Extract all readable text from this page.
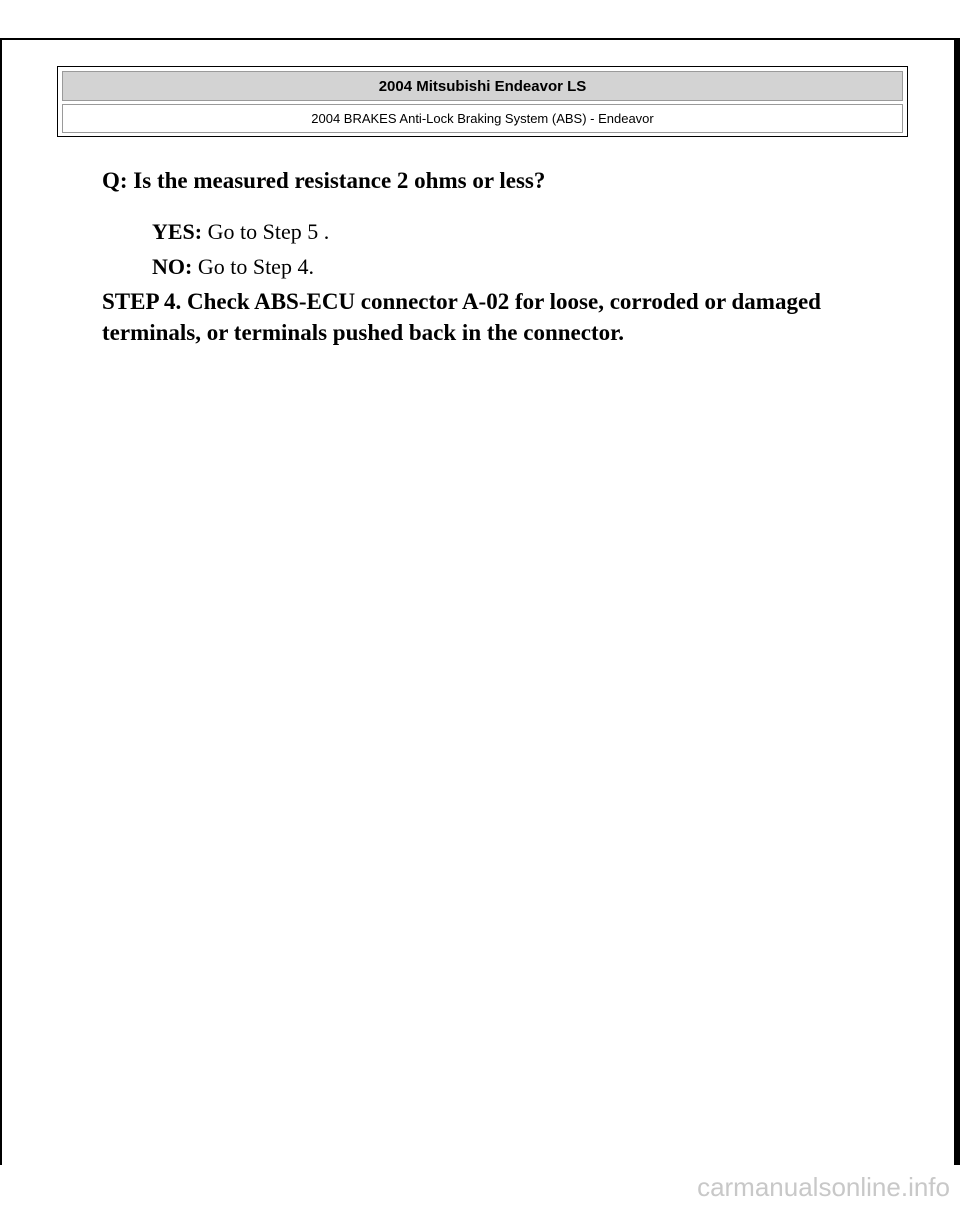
2004 Mitsubishi Endeavor LS
2004 BRAKES Anti-Lock Braking System (ABS) - Endeavor
Q: Is the measured resistance 2 ohms or less?
YES: Go to Step 5 .
NO: Go to Step 4.
STEP 4. Check ABS-ECU connector A-02 for loose, corroded or damaged terminals, or terminals pushed back in the connector.
carmanualsonline.info
